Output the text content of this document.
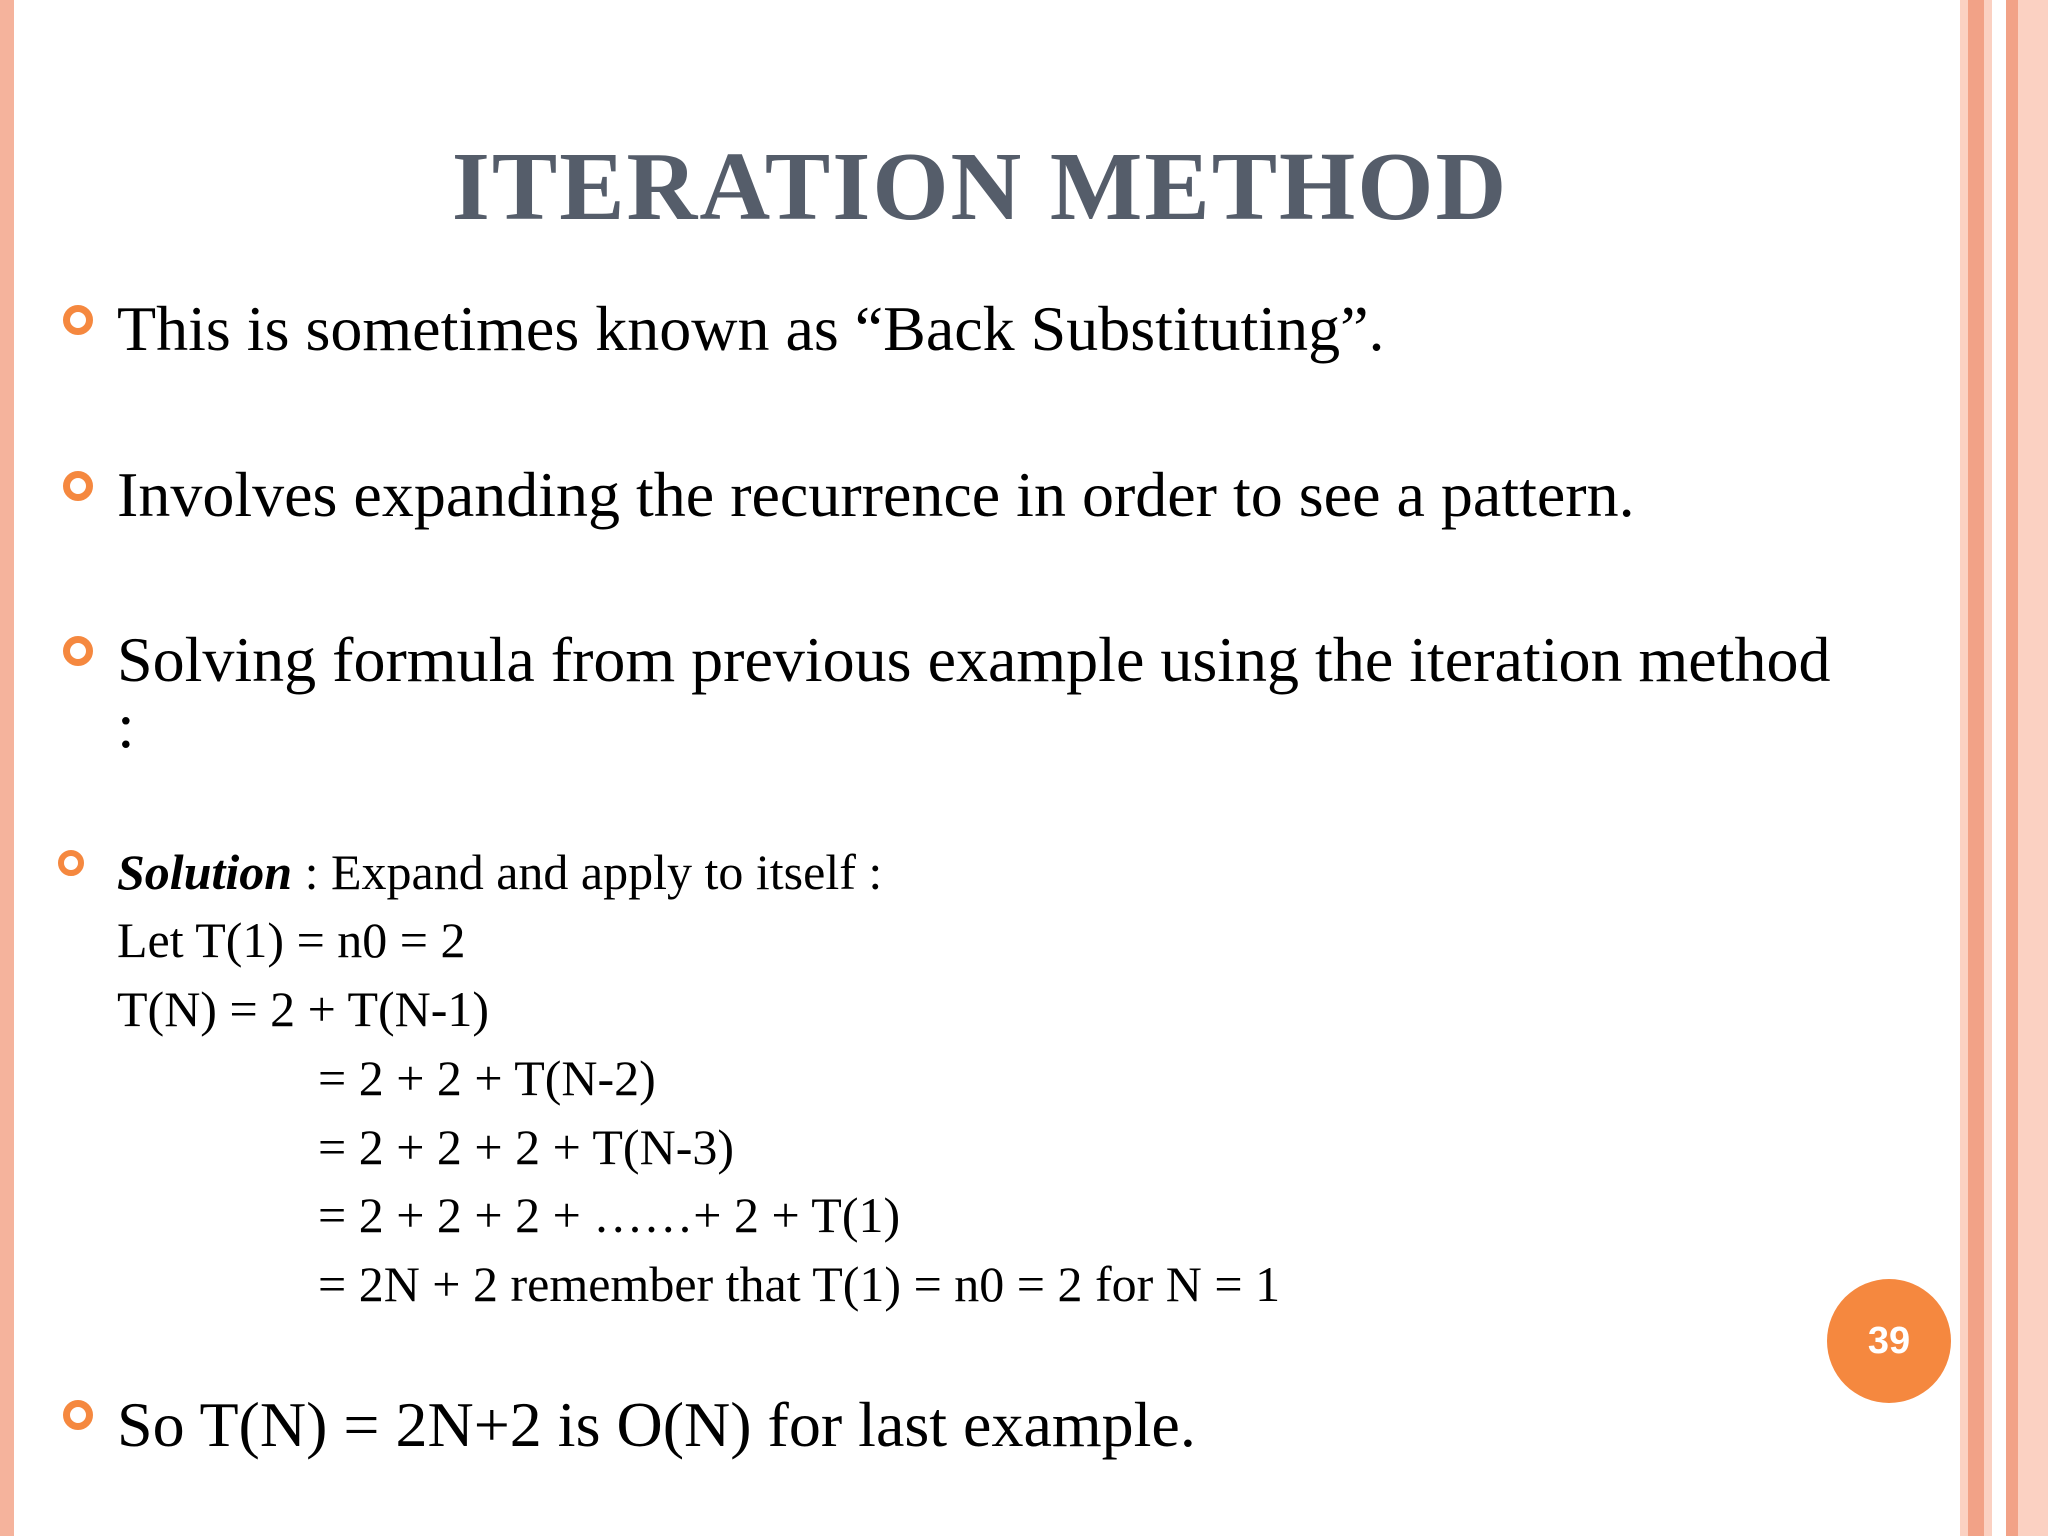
ITERATION METHOD
This is sometimes known as “Back Substituting”.
Involves expanding the recurrence in order to see a pattern.
Solving formula from previous example using the iteration method
:
Solution : Expand and apply to itself :
Let T(1) = n0 = 2
T(N) = 2 + T(N-1)
= 2 + 2 + T(N-2)
= 2 + 2 + 2 + T(N-3)
= 2 + 2 + 2 + ……+ 2 + T(1)
= 2N + 2 remember that T(1) = n0 = 2 for N = 1
So T(N) = 2N+2 is O(N) for last example.
39
